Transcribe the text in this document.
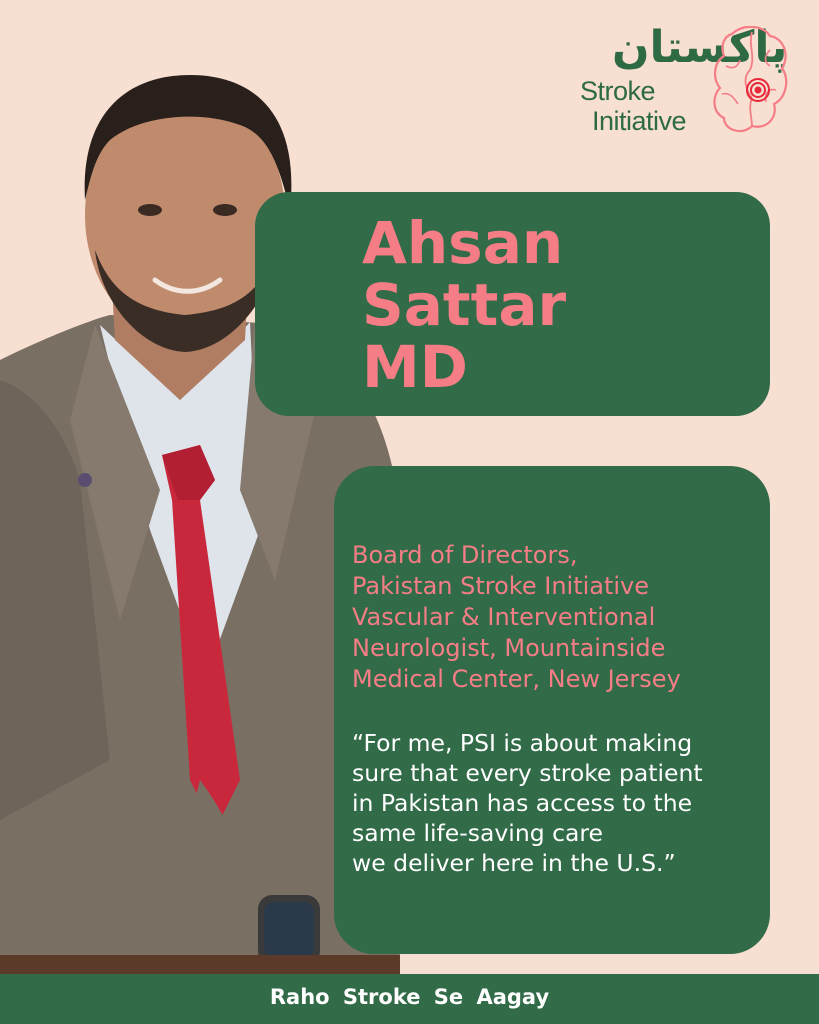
پاکستان
Stroke
Initiative

Ahsan
Sattar
MD

Board of Directors,
Pakistan Stroke Initiative
Vascular & Interventional
Neurologist, Mountainside
Medical Center, New Jersey

“For me, PSI is about making
sure that every stroke patient
in Pakistan has access to the
same life-saving care
we deliver here in the U.S.”

Raho Stroke Se Aagay
